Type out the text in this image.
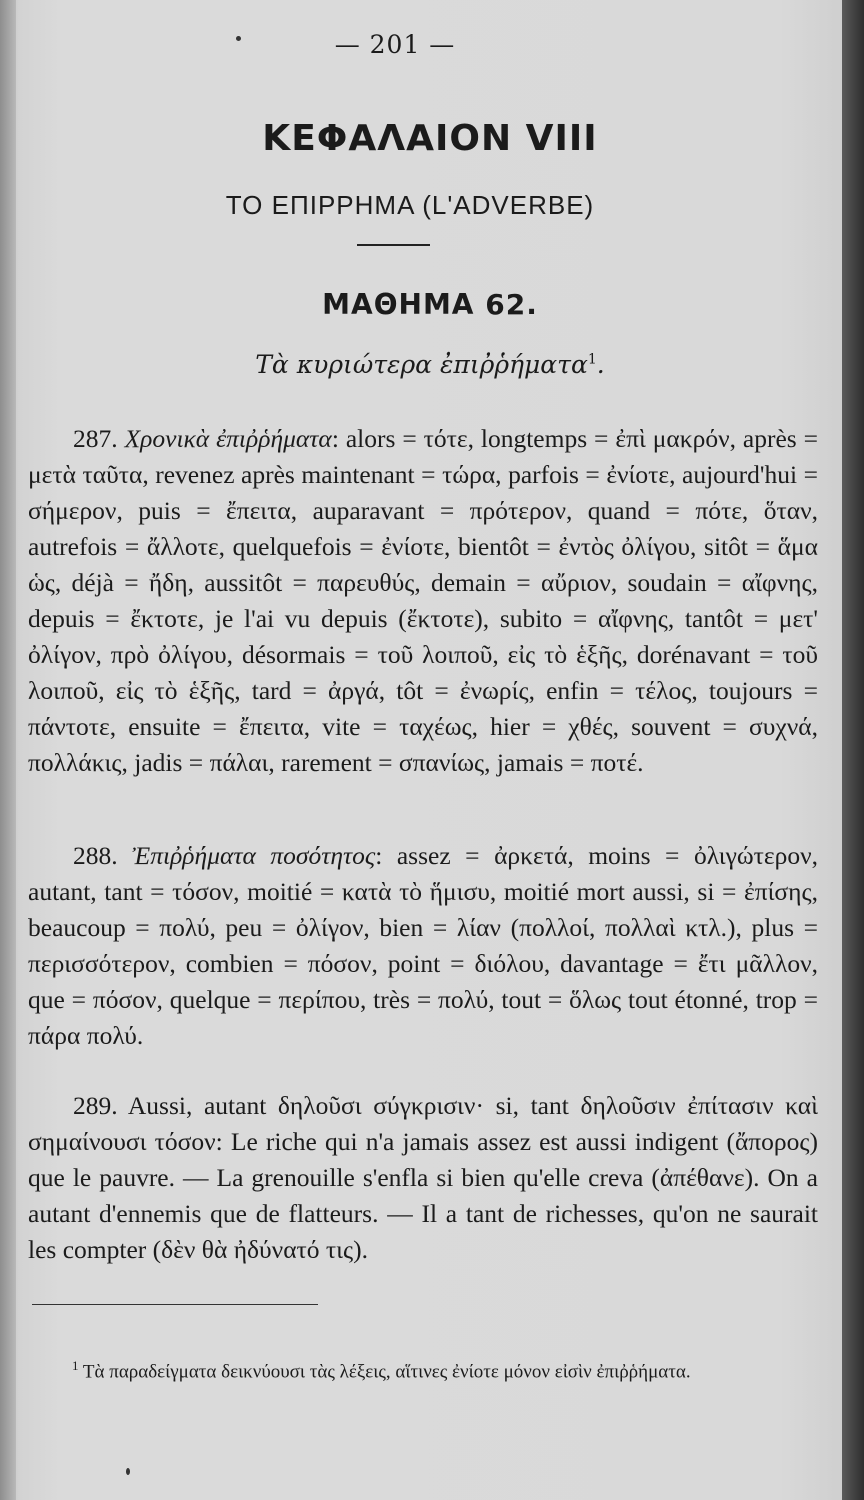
— 201 —
ΚΕΦΑΛΑΙΟΝ VIII
ΤΟ ΕΠΙΡΡΗΜΑ (L'ADVERBE)
ΜΑΘΗΜΑ 62.
Τὰ κυριώτερα ἐπιῤῥήματα$^1$.

287. Χρονικὰ ἐπιῤῥήματα: alors = τότε, longtemps = ἐπὶ μακρόν, après = μετὰ ταῦτα, revenez après maintenant = τώρα, parfois = ἐνίοτε, aujourd'hui = σήμερον, puis = ἔπειτα, auparavant = πρότερον, quand = πότε, ὅταν, autrefois = ἄλλοτε, quelquefois = ἐνίοτε, bientôt = ἐντὸς ὀλίγου, sitôt = ἅμα ὡς, déjà = ἤδη, aussitôt = παρευθύς, demain = αὔριον, soudain = αἴφνης, depuis = ἔκτοτε, je l'ai vu depuis (ἔκτοτε), subito = αἴφνης, tantôt = μετ' ὀλίγον, πρὸ ὀλίγου, désormais = τοῦ λοιποῦ, εἰς τὸ ἑξῆς, dorénavant = τοῦ λοιποῦ, εἰς τὸ ἑξῆς, tard = ἀργά, tôt = ἐνωρίς, enfin = τέλος, toujours = πάντοτε, ensuite = ἔπειτα, vite = ταχέως, hier = χθές, souvent = συχνά, πολλάκις, jadis = πάλαι, rarement = σπανίως, jamais = ποτέ.

288. Ἐπιῤῥήματα ποσότητος: assez = ἀρκετά, moins = ὀλιγώτερον, autant, tant = τόσον, moitié = κατὰ τὸ ἥμισυ, moitié mort aussi, si = ἐπίσης, beaucoup = πολύ, peu = ὀλίγον, bien = λίαν (πολλοί, πολλαὶ κτλ.), plus = περισσότερον, combien = πόσον, point = διόλου, davantage = ἔτι μᾶλλον, que = πόσον, quelque = περίπου, très = πολύ, tout = ὅλως tout étonné, trop = πάρα πολύ.

289. Aussi, autant δηλοῦσι σύγκρισιν· si, tant δηλοῦσιν ἐπίτασιν καὶ σημαίνουσι τόσον: Le riche qui n'a jamais assez est aussi indigent (ἄπορος) que le pauvre. — La grenouille s'enfla si bien qu'elle creva (ἀπέθανε). On a autant d'ennemis que de flatteurs. — Il a tant de richesses, qu'on ne saurait les compter (δὲν θὰ ἠδύνατό τις).

$^1$ Τὰ παραδείγματα δεικνύουσι τὰς λέξεις, αἵτινες ἐνίοτε μόνον εἰσὶν ἐπιῤῥήματα.
